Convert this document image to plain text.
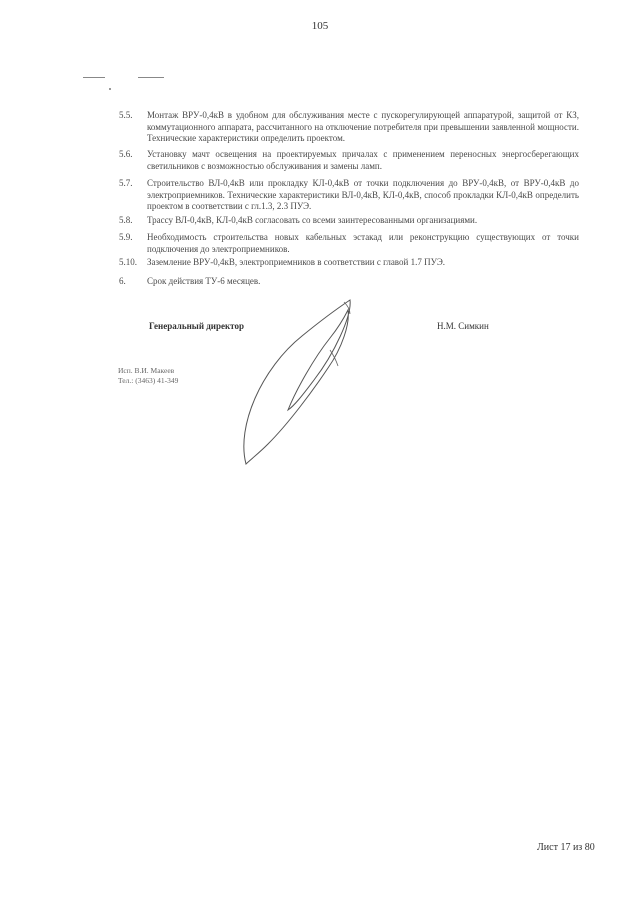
105
5.5.	Монтаж ВРУ-0,4кВ в удобном для обслуживания месте с пускорегулирующей аппаратурой, защитой от КЗ, коммутационного аппарата, рассчитанного на отключение потребителя при превышении заявленной мощности. Технические характеристики определить проектом.
5.6.	Установку мачт освещения на проектируемых причалах с применением переносных энергосберегающих светильников с возможностью обслуживания и замены ламп.
5.7.	Строительство ВЛ-0,4кВ или прокладку КЛ-0,4кВ от точки подключения до ВРУ-0,4кВ, от ВРУ-0,4кВ до электроприемников. Технические характеристики ВЛ-0,4кВ, КЛ-0,4кВ, способ прокладки КЛ-0,4кВ определить проектом в соответствии с гл.1.3, 2.3 ПУЭ.
5.8.	Трассу ВЛ-0,4кВ, КЛ-0,4кВ согласовать со всеми заинтересованными организациями.
5.9.	Необходимость строительства новых кабельных эстакад или реконструкцию существующих от точки подключения до электроприемников.
5.10.	Заземление ВРУ-0,4кВ, электроприемников в соответствии с главой 1.7 ПУЭ.
6.	Срок действия ТУ-6 месяцев.
Генеральный директор	Н.М. Симкин
Исп. В.И. Макеев
Тел.: (3463) 41-349
Лист 17 из 80
